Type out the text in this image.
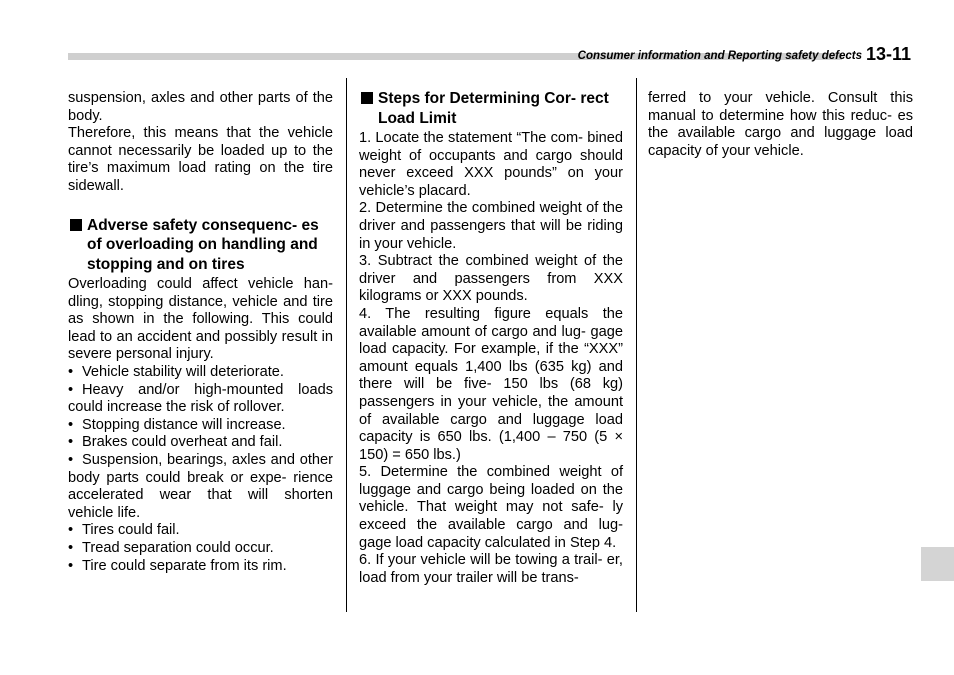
Consumer information and Reporting safety defects 13-11

suspension, axles and other parts of the body.

Therefore, this means that the vehicle cannot necessarily be loaded up to the tire’s maximum load rating on the tire sidewall.

Adverse safety consequenc- es of overloading on handling and stopping and on tires

Overloading could affect vehicle han- dling, stopping distance, vehicle and tire as shown in the following. This could lead to an accident and possibly result in severe personal injury.

• Vehicle stability will deteriorate.

• Heavy and/or high-mounted loads could increase the risk of rollover.

• Stopping distance will increase.

• Brakes could overheat and fail.

• Suspension, bearings, axles and other body parts could break or expe- rience accelerated wear that will shorten vehicle life.

• Tires could fail.

• Tread separation could occur.

• Tire could separate from its rim.

Steps for Determining Cor- rect Load Limit

1. Locate the statement “The com- bined weight of occupants and cargo should never exceed XXX pounds” on your vehicle’s placard.

2. Determine the combined weight of the driver and passengers that will be riding in your vehicle.

3. Subtract the combined weight of the driver and passengers from XXX kilograms or XXX pounds.

4. The resulting figure equals the available amount of cargo and lug- gage load capacity. For example, if the “XXX” amount equals 1,400 lbs (635 kg) and there will be five- 150 lbs (68 kg) passengers in your vehicle, the amount of available cargo and luggage load capacity is 650 lbs. (1,400 – 750 (5 × 150) = 650 lbs.)

5. Determine the combined weight of luggage and cargo being loaded on the vehicle. That weight may not safe- ly exceed the available cargo and lug- gage load capacity calculated in Step 4.

6. If your vehicle will be towing a trail- er, load from your trailer will be trans-

ferred to your vehicle. Consult this manual to determine how this reduc- es the available cargo and luggage load capacity of your vehicle.
